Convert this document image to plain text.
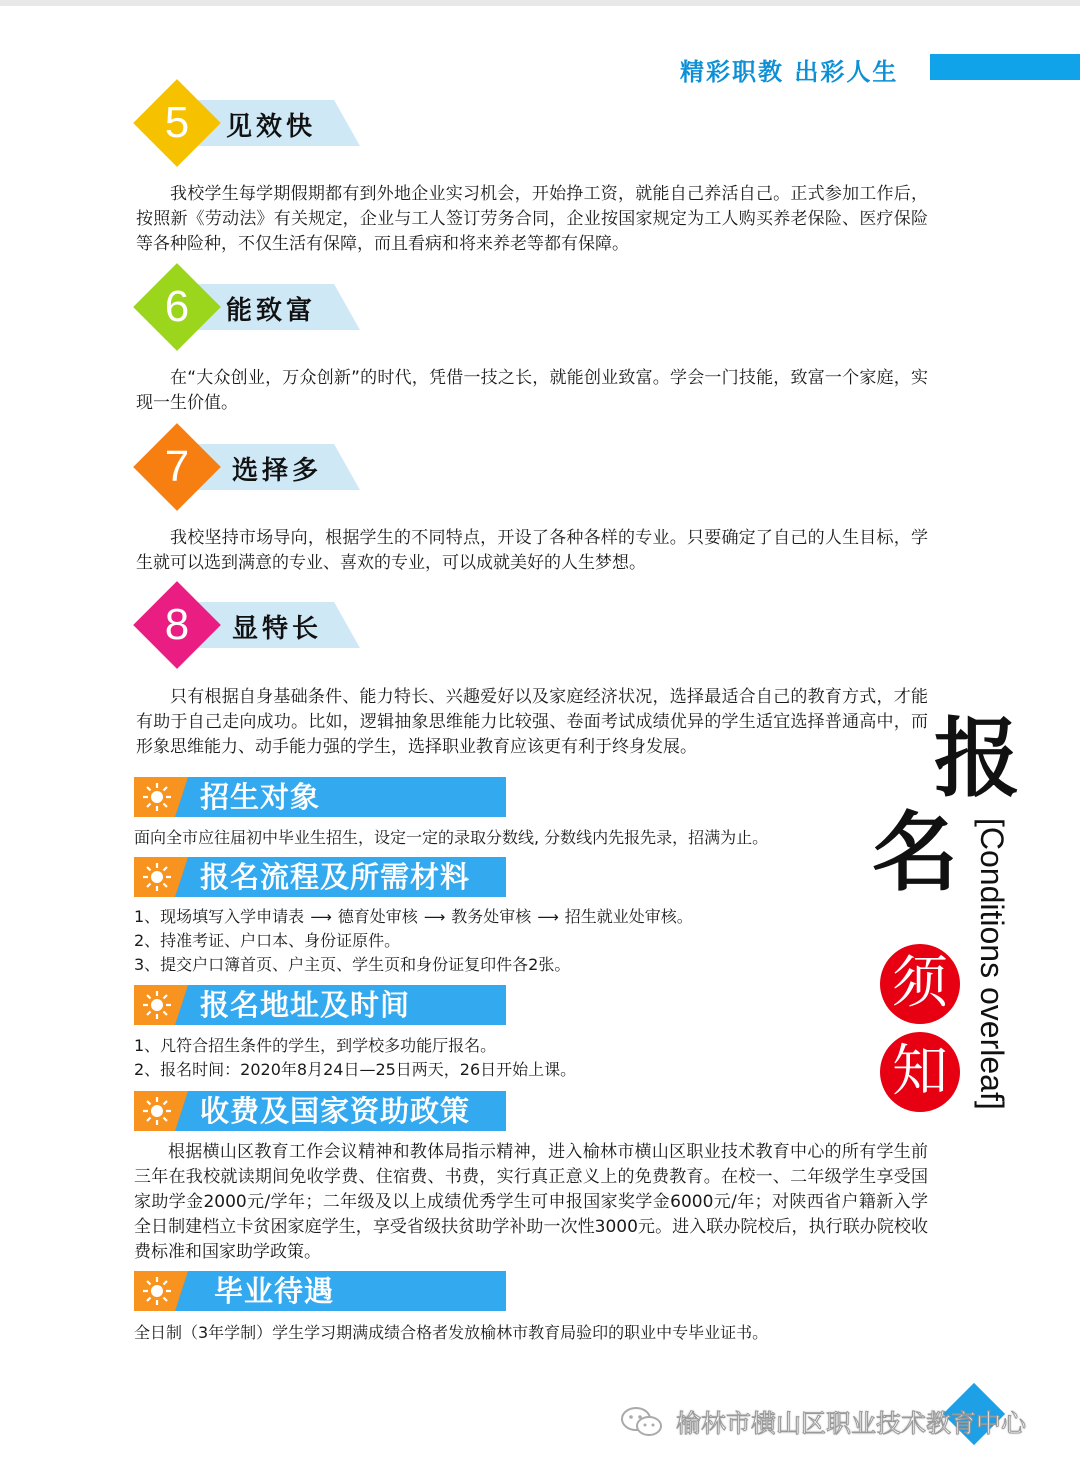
精彩职教 出彩人生
5	见效快
我校学生每学期假期都有到外地企业实习机会，开始挣工资，就能自己养活自己。正式参加工作后，按照新《劳动法》有关规定，企业与工人签订劳务合同，企业按国家规定为工人购买养老保险、医疗保险等各种险种，不仅生活有保障，而且看病和将来养老等都有保障。
6	能致富
在“大众创业，万众创新”的时代，凭借一技之长，就能创业致富。学会一门技能，致富一个家庭，实现一生价值。
7	选择多
我校坚持市场导向，根据学生的不同特点，开设了各种各样的专业。只要确定了自己的人生目标，学生就可以选到满意的专业、喜欢的专业，可以成就美好的人生梦想。
8	显特长
只有根据自身基础条件、能力特长、兴趣爱好以及家庭经济状况，选择最适合自己的教育方式，才能有助于自己走向成功。比如，逻辑抽象思维能力比较强、卷面考试成绩优异的学生适宜选择普通高中，而形象思维能力、动手能力强的学生，选择职业教育应该更有利于终身发展。
招生对象
面向全市应往届初中毕业生招生，设定一定的录取分数线, 分数线内先报先录，招满为止。
报名流程及所需材料
1、现场填写入学申请表 ⟶ 德育处审核 ⟶ 教务处审核 ⟶ 招生就业处审核。
2、持准考证、户口本、身份证原件。
3、提交户口簿首页、户主页、学生页和身份证复印件各2张。
报名地址及时间
1、凡符合招生条件的学生，到学校多功能厅报名。
2、报名时间：2020年8月24日—25日两天，26日开始上课。
收费及国家资助政策
根据横山区教育工作会议精神和教体局指示精神，进入榆林市横山区职业技术教育中心的所有学生前三年在我校就读期间免收学费、住宿费、书费，实行真正意义上的免费教育。在校一、二年级学生享受国家助学金2000元/学年；二年级及以上成绩优秀学生可申报国家奖学金6000元/年；对陕西省户籍新入学全日制建档立卡贫困家庭学生，享受省级扶贫助学补助一次性3000元。进入联办院校后，执行联办院校收费标准和国家助学政策。
毕业待遇
全日制（3年学制）学生学习期满成绩合格者发放榆林市教育局验印的职业中专毕业证书。
报
名
须
知 [Conditions overleaf]
榆林市横山区职业技术教育中心
